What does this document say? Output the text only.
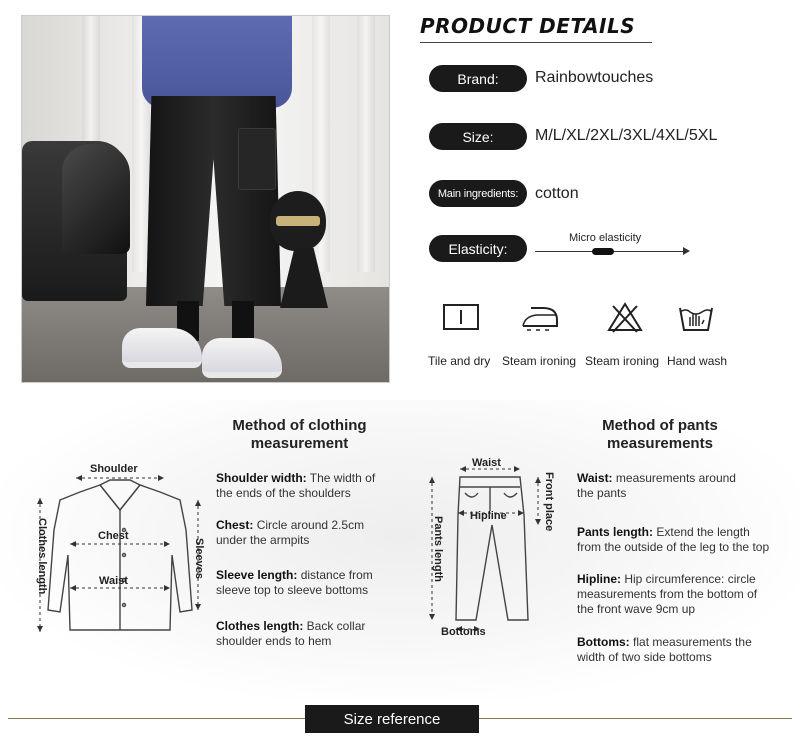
PRODUCT DETAILS
Brand:	Rainbowtouches
Size:	M/L/XL/2XL/3XL/4XL/5XL
Main ingredients:	cotton
Elasticity:
Micro elasticity
Tile and dry Steam ironing Steam ironing Hand wash
Method of clothing measurement
Shoulder
Chest
Waist
Clothes length	Sleeves
Shoulder width: The width of the ends of the shoulders
Chest: Circle around 2.5cm under the armpits
Sleeve length: distance from sleeve top to sleeve bottoms
Clothes length: Back collar shoulder ends to hem
Method of pants measurements
Waist
Hipline
Bottoms
Pants length
Front place Waist: measurements around the pants
Pants length: Extend the length from the outside of the leg to the top
Hipline: Hip circumference: circle measurements from the bottom of the front wave 9cm up
Bottoms: flat measurements the width of two side bottoms
Size reference
